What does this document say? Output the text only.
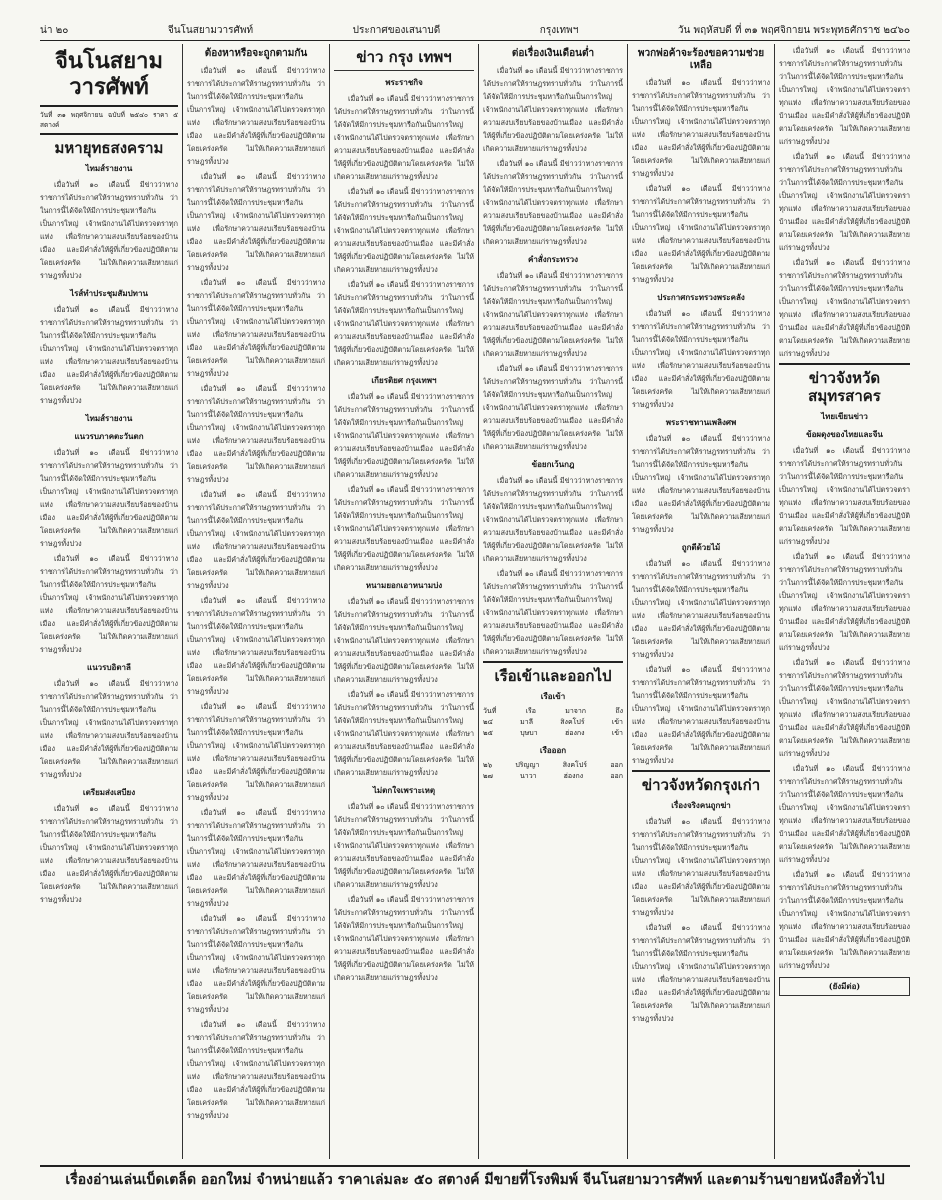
น่า ๒๐	จีนโนสยามวารศัพท์	ประกาศของเสนาบดี	กรุงเทพฯ	วัน พฤหัสบดี ที่ ๓๑ พฤศจิกายน พระพุทธศักราช ๒๔๖๐
จีนโนสยามวารศัพท์
วันที่ ๓๑ พฤศจิกายน ฉบับที่ ๒๕๔๐ ราคา ๕ สตางค์
มหายุทธสงคราม
ไทมส์รายงาน

เมื่อวันที่ ๑๐ เดือนนี้ มีข่าวว่าทางราชการได้ประกาศให้ราษฎรทราบทั่วกัน ว่าในการนี้ได้จัดให้มีการประชุมหารือกันเป็นการใหญ่ เจ้าพนักงานได้ไปตรวจตราทุกแห่ง เพื่อรักษาความสงบเรียบร้อยของบ้านเมือง และมีคำสั่งให้ผู้ที่เกี่ยวข้องปฏิบัติตามโดยเคร่งครัด ไม่ให้เกิดความเสียหายแก่ราษฎรทั้งปวง

ไรส์ทำประชุมสัมปทาน

เมื่อวันที่ ๑๐ เดือนนี้ มีข่าวว่าทางราชการได้ประกาศให้ราษฎรทราบทั่วกัน ว่าในการนี้ได้จัดให้มีการประชุมหารือกันเป็นการใหญ่ เจ้าพนักงานได้ไปตรวจตราทุกแห่ง เพื่อรักษาความสงบเรียบร้อยของบ้านเมือง และมีคำสั่งให้ผู้ที่เกี่ยวข้องปฏิบัติตามโดยเคร่งครัด ไม่ให้เกิดความเสียหายแก่ราษฎรทั้งปวง

ไทมส์รายงาน
แนวรบภาคตะวันตก

เมื่อวันที่ ๑๐ เดือนนี้ มีข่าวว่าทางราชการได้ประกาศให้ราษฎรทราบทั่วกัน ว่าในการนี้ได้จัดให้มีการประชุมหารือกันเป็นการใหญ่ เจ้าพนักงานได้ไปตรวจตราทุกแห่ง เพื่อรักษาความสงบเรียบร้อยของบ้านเมือง และมีคำสั่งให้ผู้ที่เกี่ยวข้องปฏิบัติตามโดยเคร่งครัด ไม่ให้เกิดความเสียหายแก่ราษฎรทั้งปวง

เมื่อวันที่ ๑๐ เดือนนี้ มีข่าวว่าทางราชการได้ประกาศให้ราษฎรทราบทั่วกัน ว่าในการนี้ได้จัดให้มีการประชุมหารือกันเป็นการใหญ่ เจ้าพนักงานได้ไปตรวจตราทุกแห่ง เพื่อรักษาความสงบเรียบร้อยของบ้านเมือง และมีคำสั่งให้ผู้ที่เกี่ยวข้องปฏิบัติตามโดยเคร่งครัด ไม่ให้เกิดความเสียหายแก่ราษฎรทั้งปวง

แนวรบอิตาลี

เมื่อวันที่ ๑๐ เดือนนี้ มีข่าวว่าทางราชการได้ประกาศให้ราษฎรทราบทั่วกัน ว่าในการนี้ได้จัดให้มีการประชุมหารือกันเป็นการใหญ่ เจ้าพนักงานได้ไปตรวจตราทุกแห่ง เพื่อรักษาความสงบเรียบร้อยของบ้านเมือง และมีคำสั่งให้ผู้ที่เกี่ยวข้องปฏิบัติตามโดยเคร่งครัด ไม่ให้เกิดความเสียหายแก่ราษฎรทั้งปวง

เตรียมส่งเสบียง

เมื่อวันที่ ๑๐ เดือนนี้ มีข่าวว่าทางราชการได้ประกาศให้ราษฎรทราบทั่วกัน ว่าในการนี้ได้จัดให้มีการประชุมหารือกันเป็นการใหญ่ เจ้าพนักงานได้ไปตรวจตราทุกแห่ง เพื่อรักษาความสงบเรียบร้อยของบ้านเมือง และมีคำสั่งให้ผู้ที่เกี่ยวข้องปฏิบัติตามโดยเคร่งครัด ไม่ให้เกิดความเสียหายแก่ราษฎรทั้งปวง

ต้องหาหรือจะถูกตามกัน

เมื่อวันที่ ๑๐ เดือนนี้ มีข่าวว่าทางราชการได้ประกาศให้ราษฎรทราบทั่วกัน ว่าในการนี้ได้จัดให้มีการประชุมหารือกันเป็นการใหญ่ เจ้าพนักงานได้ไปตรวจตราทุกแห่ง เพื่อรักษาความสงบเรียบร้อยของบ้านเมือง และมีคำสั่งให้ผู้ที่เกี่ยวข้องปฏิบัติตามโดยเคร่งครัด ไม่ให้เกิดความเสียหายแก่ราษฎรทั้งปวง

เมื่อวันที่ ๑๐ เดือนนี้ มีข่าวว่าทางราชการได้ประกาศให้ราษฎรทราบทั่วกัน ว่าในการนี้ได้จัดให้มีการประชุมหารือกันเป็นการใหญ่ เจ้าพนักงานได้ไปตรวจตราทุกแห่ง เพื่อรักษาความสงบเรียบร้อยของบ้านเมือง และมีคำสั่งให้ผู้ที่เกี่ยวข้องปฏิบัติตามโดยเคร่งครัด ไม่ให้เกิดความเสียหายแก่ราษฎรทั้งปวง

เมื่อวันที่ ๑๐ เดือนนี้ มีข่าวว่าทางราชการได้ประกาศให้ราษฎรทราบทั่วกัน ว่าในการนี้ได้จัดให้มีการประชุมหารือกันเป็นการใหญ่ เจ้าพนักงานได้ไปตรวจตราทุกแห่ง เพื่อรักษาความสงบเรียบร้อยของบ้านเมือง และมีคำสั่งให้ผู้ที่เกี่ยวข้องปฏิบัติตามโดยเคร่งครัด ไม่ให้เกิดความเสียหายแก่ราษฎรทั้งปวง

เมื่อวันที่ ๑๐ เดือนนี้ มีข่าวว่าทางราชการได้ประกาศให้ราษฎรทราบทั่วกัน ว่าในการนี้ได้จัดให้มีการประชุมหารือกันเป็นการใหญ่ เจ้าพนักงานได้ไปตรวจตราทุกแห่ง เพื่อรักษาความสงบเรียบร้อยของบ้านเมือง และมีคำสั่งให้ผู้ที่เกี่ยวข้องปฏิบัติตามโดยเคร่งครัด ไม่ให้เกิดความเสียหายแก่ราษฎรทั้งปวง

เมื่อวันที่ ๑๐ เดือนนี้ มีข่าวว่าทางราชการได้ประกาศให้ราษฎรทราบทั่วกัน ว่าในการนี้ได้จัดให้มีการประชุมหารือกันเป็นการใหญ่ เจ้าพนักงานได้ไปตรวจตราทุกแห่ง เพื่อรักษาความสงบเรียบร้อยของบ้านเมือง และมีคำสั่งให้ผู้ที่เกี่ยวข้องปฏิบัติตามโดยเคร่งครัด ไม่ให้เกิดความเสียหายแก่ราษฎรทั้งปวง

เมื่อวันที่ ๑๐ เดือนนี้ มีข่าวว่าทางราชการได้ประกาศให้ราษฎรทราบทั่วกัน ว่าในการนี้ได้จัดให้มีการประชุมหารือกันเป็นการใหญ่ เจ้าพนักงานได้ไปตรวจตราทุกแห่ง เพื่อรักษาความสงบเรียบร้อยของบ้านเมือง และมีคำสั่งให้ผู้ที่เกี่ยวข้องปฏิบัติตามโดยเคร่งครัด ไม่ให้เกิดความเสียหายแก่ราษฎรทั้งปวง

เมื่อวันที่ ๑๐ เดือนนี้ มีข่าวว่าทางราชการได้ประกาศให้ราษฎรทราบทั่วกัน ว่าในการนี้ได้จัดให้มีการประชุมหารือกันเป็นการใหญ่ เจ้าพนักงานได้ไปตรวจตราทุกแห่ง เพื่อรักษาความสงบเรียบร้อยของบ้านเมือง และมีคำสั่งให้ผู้ที่เกี่ยวข้องปฏิบัติตามโดยเคร่งครัด ไม่ให้เกิดความเสียหายแก่ราษฎรทั้งปวง

เมื่อวันที่ ๑๐ เดือนนี้ มีข่าวว่าทางราชการได้ประกาศให้ราษฎรทราบทั่วกัน ว่าในการนี้ได้จัดให้มีการประชุมหารือกันเป็นการใหญ่ เจ้าพนักงานได้ไปตรวจตราทุกแห่ง เพื่อรักษาความสงบเรียบร้อยของบ้านเมือง และมีคำสั่งให้ผู้ที่เกี่ยวข้องปฏิบัติตามโดยเคร่งครัด ไม่ให้เกิดความเสียหายแก่ราษฎรทั้งปวง

เมื่อวันที่ ๑๐ เดือนนี้ มีข่าวว่าทางราชการได้ประกาศให้ราษฎรทราบทั่วกัน ว่าในการนี้ได้จัดให้มีการประชุมหารือกันเป็นการใหญ่ เจ้าพนักงานได้ไปตรวจตราทุกแห่ง เพื่อรักษาความสงบเรียบร้อยของบ้านเมือง และมีคำสั่งให้ผู้ที่เกี่ยวข้องปฏิบัติตามโดยเคร่งครัด ไม่ให้เกิดความเสียหายแก่ราษฎรทั้งปวง

เมื่อวันที่ ๑๐ เดือนนี้ มีข่าวว่าทางราชการได้ประกาศให้ราษฎรทราบทั่วกัน ว่าในการนี้ได้จัดให้มีการประชุมหารือกันเป็นการใหญ่ เจ้าพนักงานได้ไปตรวจตราทุกแห่ง เพื่อรักษาความสงบเรียบร้อยของบ้านเมือง และมีคำสั่งให้ผู้ที่เกี่ยวข้องปฏิบัติตามโดยเคร่งครัด ไม่ให้เกิดความเสียหายแก่ราษฎรทั้งปวง

ข่าว กรุง เทพฯ
พระราชกิจ

เมื่อวันที่ ๑๐ เดือนนี้ มีข่าวว่าทางราชการได้ประกาศให้ราษฎรทราบทั่วกัน ว่าในการนี้ได้จัดให้มีการประชุมหารือกันเป็นการใหญ่ เจ้าพนักงานได้ไปตรวจตราทุกแห่ง เพื่อรักษาความสงบเรียบร้อยของบ้านเมือง และมีคำสั่งให้ผู้ที่เกี่ยวข้องปฏิบัติตามโดยเคร่งครัด ไม่ให้เกิดความเสียหายแก่ราษฎรทั้งปวง

เมื่อวันที่ ๑๐ เดือนนี้ มีข่าวว่าทางราชการได้ประกาศให้ราษฎรทราบทั่วกัน ว่าในการนี้ได้จัดให้มีการประชุมหารือกันเป็นการใหญ่ เจ้าพนักงานได้ไปตรวจตราทุกแห่ง เพื่อรักษาความสงบเรียบร้อยของบ้านเมือง และมีคำสั่งให้ผู้ที่เกี่ยวข้องปฏิบัติตามโดยเคร่งครัด ไม่ให้เกิดความเสียหายแก่ราษฎรทั้งปวง

เมื่อวันที่ ๑๐ เดือนนี้ มีข่าวว่าทางราชการได้ประกาศให้ราษฎรทราบทั่วกัน ว่าในการนี้ได้จัดให้มีการประชุมหารือกันเป็นการใหญ่ เจ้าพนักงานได้ไปตรวจตราทุกแห่ง เพื่อรักษาความสงบเรียบร้อยของบ้านเมือง และมีคำสั่งให้ผู้ที่เกี่ยวข้องปฏิบัติตามโดยเคร่งครัด ไม่ให้เกิดความเสียหายแก่ราษฎรทั้งปวง

เกียรติยศ กรุงเทพฯ

เมื่อวันที่ ๑๐ เดือนนี้ มีข่าวว่าทางราชการได้ประกาศให้ราษฎรทราบทั่วกัน ว่าในการนี้ได้จัดให้มีการประชุมหารือกันเป็นการใหญ่ เจ้าพนักงานได้ไปตรวจตราทุกแห่ง เพื่อรักษาความสงบเรียบร้อยของบ้านเมือง และมีคำสั่งให้ผู้ที่เกี่ยวข้องปฏิบัติตามโดยเคร่งครัด ไม่ให้เกิดความเสียหายแก่ราษฎรทั้งปวง

เมื่อวันที่ ๑๐ เดือนนี้ มีข่าวว่าทางราชการได้ประกาศให้ราษฎรทราบทั่วกัน ว่าในการนี้ได้จัดให้มีการประชุมหารือกันเป็นการใหญ่ เจ้าพนักงานได้ไปตรวจตราทุกแห่ง เพื่อรักษาความสงบเรียบร้อยของบ้านเมือง และมีคำสั่งให้ผู้ที่เกี่ยวข้องปฏิบัติตามโดยเคร่งครัด ไม่ให้เกิดความเสียหายแก่ราษฎรทั้งปวง

หนามยอกเอาหนามบ่ง

เมื่อวันที่ ๑๐ เดือนนี้ มีข่าวว่าทางราชการได้ประกาศให้ราษฎรทราบทั่วกัน ว่าในการนี้ได้จัดให้มีการประชุมหารือกันเป็นการใหญ่ เจ้าพนักงานได้ไปตรวจตราทุกแห่ง เพื่อรักษาความสงบเรียบร้อยของบ้านเมือง และมีคำสั่งให้ผู้ที่เกี่ยวข้องปฏิบัติตามโดยเคร่งครัด ไม่ให้เกิดความเสียหายแก่ราษฎรทั้งปวง

เมื่อวันที่ ๑๐ เดือนนี้ มีข่าวว่าทางราชการได้ประกาศให้ราษฎรทราบทั่วกัน ว่าในการนี้ได้จัดให้มีการประชุมหารือกันเป็นการใหญ่ เจ้าพนักงานได้ไปตรวจตราทุกแห่ง เพื่อรักษาความสงบเรียบร้อยของบ้านเมือง และมีคำสั่งให้ผู้ที่เกี่ยวข้องปฏิบัติตามโดยเคร่งครัด ไม่ให้เกิดความเสียหายแก่ราษฎรทั้งปวง

ไม่ตกใจเพราะเหตุ

เมื่อวันที่ ๑๐ เดือนนี้ มีข่าวว่าทางราชการได้ประกาศให้ราษฎรทราบทั่วกัน ว่าในการนี้ได้จัดให้มีการประชุมหารือกันเป็นการใหญ่ เจ้าพนักงานได้ไปตรวจตราทุกแห่ง เพื่อรักษาความสงบเรียบร้อยของบ้านเมือง และมีคำสั่งให้ผู้ที่เกี่ยวข้องปฏิบัติตามโดยเคร่งครัด ไม่ให้เกิดความเสียหายแก่ราษฎรทั้งปวง

เมื่อวันที่ ๑๐ เดือนนี้ มีข่าวว่าทางราชการได้ประกาศให้ราษฎรทราบทั่วกัน ว่าในการนี้ได้จัดให้มีการประชุมหารือกันเป็นการใหญ่ เจ้าพนักงานได้ไปตรวจตราทุกแห่ง เพื่อรักษาความสงบเรียบร้อยของบ้านเมือง และมีคำสั่งให้ผู้ที่เกี่ยวข้องปฏิบัติตามโดยเคร่งครัด ไม่ให้เกิดความเสียหายแก่ราษฎรทั้งปวง

ต่อเรื่องเงินเดือนต่ำ

เมื่อวันที่ ๑๐ เดือนนี้ มีข่าวว่าทางราชการได้ประกาศให้ราษฎรทราบทั่วกัน ว่าในการนี้ได้จัดให้มีการประชุมหารือกันเป็นการใหญ่ เจ้าพนักงานได้ไปตรวจตราทุกแห่ง เพื่อรักษาความสงบเรียบร้อยของบ้านเมือง และมีคำสั่งให้ผู้ที่เกี่ยวข้องปฏิบัติตามโดยเคร่งครัด ไม่ให้เกิดความเสียหายแก่ราษฎรทั้งปวง

เมื่อวันที่ ๑๐ เดือนนี้ มีข่าวว่าทางราชการได้ประกาศให้ราษฎรทราบทั่วกัน ว่าในการนี้ได้จัดให้มีการประชุมหารือกันเป็นการใหญ่ เจ้าพนักงานได้ไปตรวจตราทุกแห่ง เพื่อรักษาความสงบเรียบร้อยของบ้านเมือง และมีคำสั่งให้ผู้ที่เกี่ยวข้องปฏิบัติตามโดยเคร่งครัด ไม่ให้เกิดความเสียหายแก่ราษฎรทั้งปวง

คำสั่งกระทรวง

เมื่อวันที่ ๑๐ เดือนนี้ มีข่าวว่าทางราชการได้ประกาศให้ราษฎรทราบทั่วกัน ว่าในการนี้ได้จัดให้มีการประชุมหารือกันเป็นการใหญ่ เจ้าพนักงานได้ไปตรวจตราทุกแห่ง เพื่อรักษาความสงบเรียบร้อยของบ้านเมือง และมีคำสั่งให้ผู้ที่เกี่ยวข้องปฏิบัติตามโดยเคร่งครัด ไม่ให้เกิดความเสียหายแก่ราษฎรทั้งปวง

เมื่อวันที่ ๑๐ เดือนนี้ มีข่าวว่าทางราชการได้ประกาศให้ราษฎรทราบทั่วกัน ว่าในการนี้ได้จัดให้มีการประชุมหารือกันเป็นการใหญ่ เจ้าพนักงานได้ไปตรวจตราทุกแห่ง เพื่อรักษาความสงบเรียบร้อยของบ้านเมือง และมีคำสั่งให้ผู้ที่เกี่ยวข้องปฏิบัติตามโดยเคร่งครัด ไม่ให้เกิดความเสียหายแก่ราษฎรทั้งปวง

ข้อยกเว้นกฎ

เมื่อวันที่ ๑๐ เดือนนี้ มีข่าวว่าทางราชการได้ประกาศให้ราษฎรทราบทั่วกัน ว่าในการนี้ได้จัดให้มีการประชุมหารือกันเป็นการใหญ่ เจ้าพนักงานได้ไปตรวจตราทุกแห่ง เพื่อรักษาความสงบเรียบร้อยของบ้านเมือง และมีคำสั่งให้ผู้ที่เกี่ยวข้องปฏิบัติตามโดยเคร่งครัด ไม่ให้เกิดความเสียหายแก่ราษฎรทั้งปวง

เมื่อวันที่ ๑๐ เดือนนี้ มีข่าวว่าทางราชการได้ประกาศให้ราษฎรทราบทั่วกัน ว่าในการนี้ได้จัดให้มีการประชุมหารือกันเป็นการใหญ่ เจ้าพนักงานได้ไปตรวจตราทุกแห่ง เพื่อรักษาความสงบเรียบร้อยของบ้านเมือง และมีคำสั่งให้ผู้ที่เกี่ยวข้องปฏิบัติตามโดยเคร่งครัด ไม่ให้เกิดความเสียหายแก่ราษฎรทั้งปวง

เรือเข้าและออกไป
เรือเข้า
วันที่	เรือ	มาจาก	ถึง
๒๔	มาลี	สิงคโปร์	เข้า
๒๕	บุษบา	ฮ่องกง	เข้า
เรือออก
๒๖	ปริญญา	สิงคโปร์	ออก
๒๗	นาวา	ฮ่องกง	ออก
พวกพ่อค้าจะร้องขอความช่วยเหลือ

เมื่อวันที่ ๑๐ เดือนนี้ มีข่าวว่าทางราชการได้ประกาศให้ราษฎรทราบทั่วกัน ว่าในการนี้ได้จัดให้มีการประชุมหารือกันเป็นการใหญ่ เจ้าพนักงานได้ไปตรวจตราทุกแห่ง เพื่อรักษาความสงบเรียบร้อยของบ้านเมือง และมีคำสั่งให้ผู้ที่เกี่ยวข้องปฏิบัติตามโดยเคร่งครัด ไม่ให้เกิดความเสียหายแก่ราษฎรทั้งปวง

เมื่อวันที่ ๑๐ เดือนนี้ มีข่าวว่าทางราชการได้ประกาศให้ราษฎรทราบทั่วกัน ว่าในการนี้ได้จัดให้มีการประชุมหารือกันเป็นการใหญ่ เจ้าพนักงานได้ไปตรวจตราทุกแห่ง เพื่อรักษาความสงบเรียบร้อยของบ้านเมือง และมีคำสั่งให้ผู้ที่เกี่ยวข้องปฏิบัติตามโดยเคร่งครัด ไม่ให้เกิดความเสียหายแก่ราษฎรทั้งปวง

ประกาศกระทรวงพระคลัง

เมื่อวันที่ ๑๐ เดือนนี้ มีข่าวว่าทางราชการได้ประกาศให้ราษฎรทราบทั่วกัน ว่าในการนี้ได้จัดให้มีการประชุมหารือกันเป็นการใหญ่ เจ้าพนักงานได้ไปตรวจตราทุกแห่ง เพื่อรักษาความสงบเรียบร้อยของบ้านเมือง และมีคำสั่งให้ผู้ที่เกี่ยวข้องปฏิบัติตามโดยเคร่งครัด ไม่ให้เกิดความเสียหายแก่ราษฎรทั้งปวง

พระราชทานเพลิงศพ

เมื่อวันที่ ๑๐ เดือนนี้ มีข่าวว่าทางราชการได้ประกาศให้ราษฎรทราบทั่วกัน ว่าในการนี้ได้จัดให้มีการประชุมหารือกันเป็นการใหญ่ เจ้าพนักงานได้ไปตรวจตราทุกแห่ง เพื่อรักษาความสงบเรียบร้อยของบ้านเมือง และมีคำสั่งให้ผู้ที่เกี่ยวข้องปฏิบัติตามโดยเคร่งครัด ไม่ให้เกิดความเสียหายแก่ราษฎรทั้งปวง

ถูกตีด้วยไม้

เมื่อวันที่ ๑๐ เดือนนี้ มีข่าวว่าทางราชการได้ประกาศให้ราษฎรทราบทั่วกัน ว่าในการนี้ได้จัดให้มีการประชุมหารือกันเป็นการใหญ่ เจ้าพนักงานได้ไปตรวจตราทุกแห่ง เพื่อรักษาความสงบเรียบร้อยของบ้านเมือง และมีคำสั่งให้ผู้ที่เกี่ยวข้องปฏิบัติตามโดยเคร่งครัด ไม่ให้เกิดความเสียหายแก่ราษฎรทั้งปวง

เมื่อวันที่ ๑๐ เดือนนี้ มีข่าวว่าทางราชการได้ประกาศให้ราษฎรทราบทั่วกัน ว่าในการนี้ได้จัดให้มีการประชุมหารือกันเป็นการใหญ่ เจ้าพนักงานได้ไปตรวจตราทุกแห่ง เพื่อรักษาความสงบเรียบร้อยของบ้านเมือง และมีคำสั่งให้ผู้ที่เกี่ยวข้องปฏิบัติตามโดยเคร่งครัด ไม่ให้เกิดความเสียหายแก่ราษฎรทั้งปวง

ข่าวจังหวัดกรุงเก่า
เรื่องจริงคนถูกฆ่า

เมื่อวันที่ ๑๐ เดือนนี้ มีข่าวว่าทางราชการได้ประกาศให้ราษฎรทราบทั่วกัน ว่าในการนี้ได้จัดให้มีการประชุมหารือกันเป็นการใหญ่ เจ้าพนักงานได้ไปตรวจตราทุกแห่ง เพื่อรักษาความสงบเรียบร้อยของบ้านเมือง และมีคำสั่งให้ผู้ที่เกี่ยวข้องปฏิบัติตามโดยเคร่งครัด ไม่ให้เกิดความเสียหายแก่ราษฎรทั้งปวง

เมื่อวันที่ ๑๐ เดือนนี้ มีข่าวว่าทางราชการได้ประกาศให้ราษฎรทราบทั่วกัน ว่าในการนี้ได้จัดให้มีการประชุมหารือกันเป็นการใหญ่ เจ้าพนักงานได้ไปตรวจตราทุกแห่ง เพื่อรักษาความสงบเรียบร้อยของบ้านเมือง และมีคำสั่งให้ผู้ที่เกี่ยวข้องปฏิบัติตามโดยเคร่งครัด ไม่ให้เกิดความเสียหายแก่ราษฎรทั้งปวง

เมื่อวันที่ ๑๐ เดือนนี้ มีข่าวว่าทางราชการได้ประกาศให้ราษฎรทราบทั่วกัน ว่าในการนี้ได้จัดให้มีการประชุมหารือกันเป็นการใหญ่ เจ้าพนักงานได้ไปตรวจตราทุกแห่ง เพื่อรักษาความสงบเรียบร้อยของบ้านเมือง และมีคำสั่งให้ผู้ที่เกี่ยวข้องปฏิบัติตามโดยเคร่งครัด ไม่ให้เกิดความเสียหายแก่ราษฎรทั้งปวง

เมื่อวันที่ ๑๐ เดือนนี้ มีข่าวว่าทางราชการได้ประกาศให้ราษฎรทราบทั่วกัน ว่าในการนี้ได้จัดให้มีการประชุมหารือกันเป็นการใหญ่ เจ้าพนักงานได้ไปตรวจตราทุกแห่ง เพื่อรักษาความสงบเรียบร้อยของบ้านเมือง และมีคำสั่งให้ผู้ที่เกี่ยวข้องปฏิบัติตามโดยเคร่งครัด ไม่ให้เกิดความเสียหายแก่ราษฎรทั้งปวง

เมื่อวันที่ ๑๐ เดือนนี้ มีข่าวว่าทางราชการได้ประกาศให้ราษฎรทราบทั่วกัน ว่าในการนี้ได้จัดให้มีการประชุมหารือกันเป็นการใหญ่ เจ้าพนักงานได้ไปตรวจตราทุกแห่ง เพื่อรักษาความสงบเรียบร้อยของบ้านเมือง และมีคำสั่งให้ผู้ที่เกี่ยวข้องปฏิบัติตามโดยเคร่งครัด ไม่ให้เกิดความเสียหายแก่ราษฎรทั้งปวง

ข่าวจังหวัดสมุทรสาคร
ไทยเขียนข่าว
ข้อผดุงของไทยและจีน

เมื่อวันที่ ๑๐ เดือนนี้ มีข่าวว่าทางราชการได้ประกาศให้ราษฎรทราบทั่วกัน ว่าในการนี้ได้จัดให้มีการประชุมหารือกันเป็นการใหญ่ เจ้าพนักงานได้ไปตรวจตราทุกแห่ง เพื่อรักษาความสงบเรียบร้อยของบ้านเมือง และมีคำสั่งให้ผู้ที่เกี่ยวข้องปฏิบัติตามโดยเคร่งครัด ไม่ให้เกิดความเสียหายแก่ราษฎรทั้งปวง

เมื่อวันที่ ๑๐ เดือนนี้ มีข่าวว่าทางราชการได้ประกาศให้ราษฎรทราบทั่วกัน ว่าในการนี้ได้จัดให้มีการประชุมหารือกันเป็นการใหญ่ เจ้าพนักงานได้ไปตรวจตราทุกแห่ง เพื่อรักษาความสงบเรียบร้อยของบ้านเมือง และมีคำสั่งให้ผู้ที่เกี่ยวข้องปฏิบัติตามโดยเคร่งครัด ไม่ให้เกิดความเสียหายแก่ราษฎรทั้งปวง

เมื่อวันที่ ๑๐ เดือนนี้ มีข่าวว่าทางราชการได้ประกาศให้ราษฎรทราบทั่วกัน ว่าในการนี้ได้จัดให้มีการประชุมหารือกันเป็นการใหญ่ เจ้าพนักงานได้ไปตรวจตราทุกแห่ง เพื่อรักษาความสงบเรียบร้อยของบ้านเมือง และมีคำสั่งให้ผู้ที่เกี่ยวข้องปฏิบัติตามโดยเคร่งครัด ไม่ให้เกิดความเสียหายแก่ราษฎรทั้งปวง

เมื่อวันที่ ๑๐ เดือนนี้ มีข่าวว่าทางราชการได้ประกาศให้ราษฎรทราบทั่วกัน ว่าในการนี้ได้จัดให้มีการประชุมหารือกันเป็นการใหญ่ เจ้าพนักงานได้ไปตรวจตราทุกแห่ง เพื่อรักษาความสงบเรียบร้อยของบ้านเมือง และมีคำสั่งให้ผู้ที่เกี่ยวข้องปฏิบัติตามโดยเคร่งครัด ไม่ให้เกิดความเสียหายแก่ราษฎรทั้งปวง

เมื่อวันที่ ๑๐ เดือนนี้ มีข่าวว่าทางราชการได้ประกาศให้ราษฎรทราบทั่วกัน ว่าในการนี้ได้จัดให้มีการประชุมหารือกันเป็นการใหญ่ เจ้าพนักงานได้ไปตรวจตราทุกแห่ง เพื่อรักษาความสงบเรียบร้อยของบ้านเมือง และมีคำสั่งให้ผู้ที่เกี่ยวข้องปฏิบัติตามโดยเคร่งครัด ไม่ให้เกิดความเสียหายแก่ราษฎรทั้งปวง

(ยังมีต่อ)
เรื่องอ่านเล่นเบ็ดเตล็ด ออกใหม่ จำหน่ายแล้ว ราคาเล่มละ ๕๐ สตางค์ มีขายที่โรงพิมพ์ จีนโนสยามวารศัพท์ และตามร้านขายหนังสือทั่วไป
